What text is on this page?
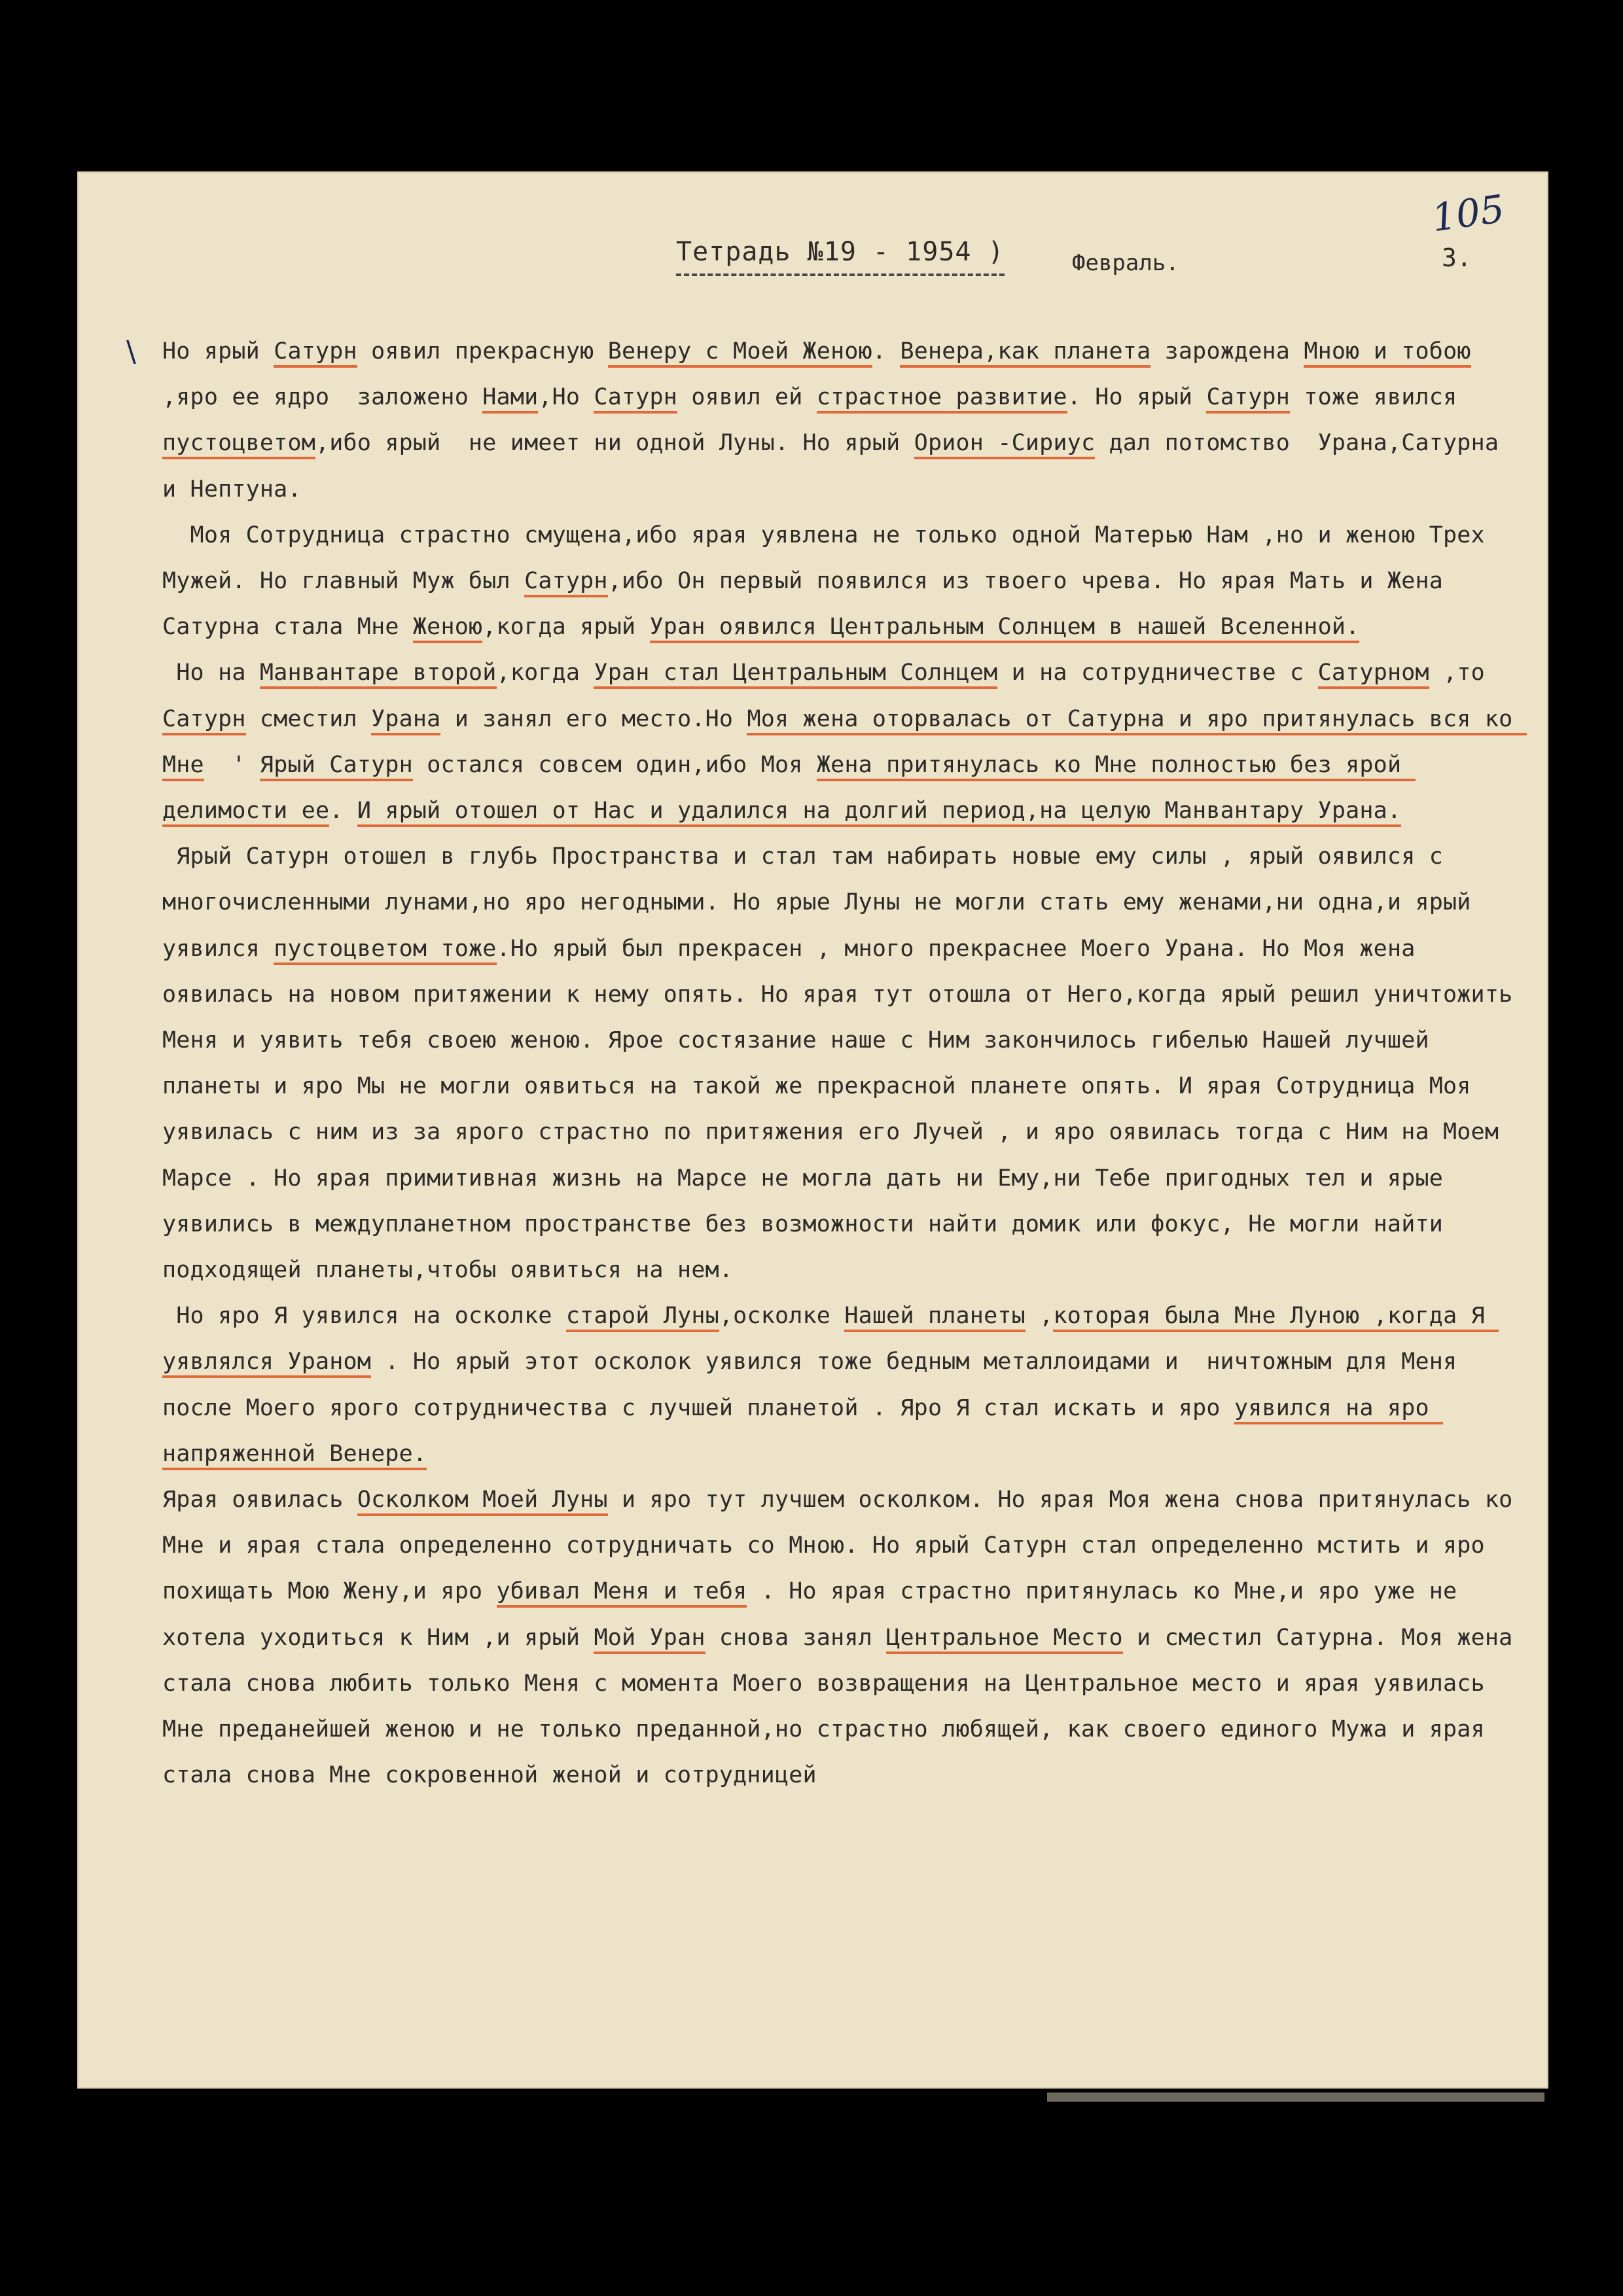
105
Тетрадь №19 - 1954 )	Февраль.	3.
\ Но ярый Сатурн оявил прекрасную Венеру с Моей Женою. Венера,как планета зарождена Мною и тобою ,яро ее ядро  заложено Нами,Но Сатурн оявил ей страстное развитие. Но ярый Сатурн тоже явился пустоцветом,ибо ярый  не имеет ни одной Луны. Но ярый Орион -Сириус дал потомство  Урана,Сатурна и Нептуна.

Моя Сотрудница страстно смущена,ибо ярая уявлена не только одной Матерью Нам ,но и женою Трех Мужей. Но главный Муж был Сатурн,ибо Он первый появился из твоего чрева. Но ярая Мать и Жена Сатурна стала Мне Женою,когда ярый Уран оявился Центральным Солнцем в нашей Вселенной.

Но на Манвантаре второй,когда Уран стал Центральным Солнцем и на сотрудничестве с Сатурном ,то Сатурн сместил Урана и занял его место.Но Моя жена оторвалась от Сатурна и яро притянулась вся ко Мне  ' Ярый Сатурн остался совсем один,ибо Моя Жена притянулась ко Мне полностью без ярой делимости ее. И ярый отошел от Нас и удалился на долгий период,на целую Манвантару Урана.

Ярый Сатурн отошел в глубь Пространства и стал там набирать новые ему силы , ярый оявился с многочисленными лунами,но яро негодными. Но ярые Луны не могли стать ему женами,ни одна,и ярый уявился пустоцветом тоже.Но ярый был прекрасен , много прекраснее Моего Урана. Но Моя жена оявилась на новом притяжении к нему опять. Но ярая тут отошла от Него,когда ярый решил уничтожить Меня и уявить тебя своею женою. Ярое состязание наше с Ним закончилось гибелью Нашей лучшей планеты и яро Мы не могли оявиться на такой же прекрасной планете опять. И ярая Сотрудница Моя уявилась с ним из за ярого страстно по притяжения его Лучей , и яро оявилась тогда с Ним на Моем Марсе . Но ярая примитивная жизнь на Марсе не могла дать ни Ему,ни Тебе пригодных тел и ярые уявились в междупланетном пространстве без возможности найти домик или фокус, Не могли найти подходящей планеты,чтобы оявиться на нем.

Но яро Я уявился на осколке старой Луны,осколке Нашей планеты ,которая была Мне Луною ,когда Я уявлялся Ураном . Но ярый этот осколок уявился тоже бедным металлоидами и  ничтожным для Меня после Моего ярого сотрудничества с лучшей планетой . Яро Я стал искать и яро уявился на яро напряженной Венере.

Ярая оявилась Осколком Моей Луны и яро тут лучшем осколком. Но ярая Моя жена снова притянулась ко Мне и ярая стала определенно сотрудничать со Мною. Но ярый Сатурн стал определенно мстить и яро похищать Мою Жену,и яро убивал Меня и тебя . Но ярая страстно притянулась ко Мне,и яро уже не хотела уходиться к Ним ,и ярый Мой Уран снова занял Центральное Место и сместил Сатурна. Моя жена стала снова любить только Меня с момента Моего возвращения на Центральное место и ярая уявилась Мне преданейшей женою и не только преданной,но страстно любящей, как своего единого Мужа и ярая стала снова Мне сокровенной женой и сотрудницей
